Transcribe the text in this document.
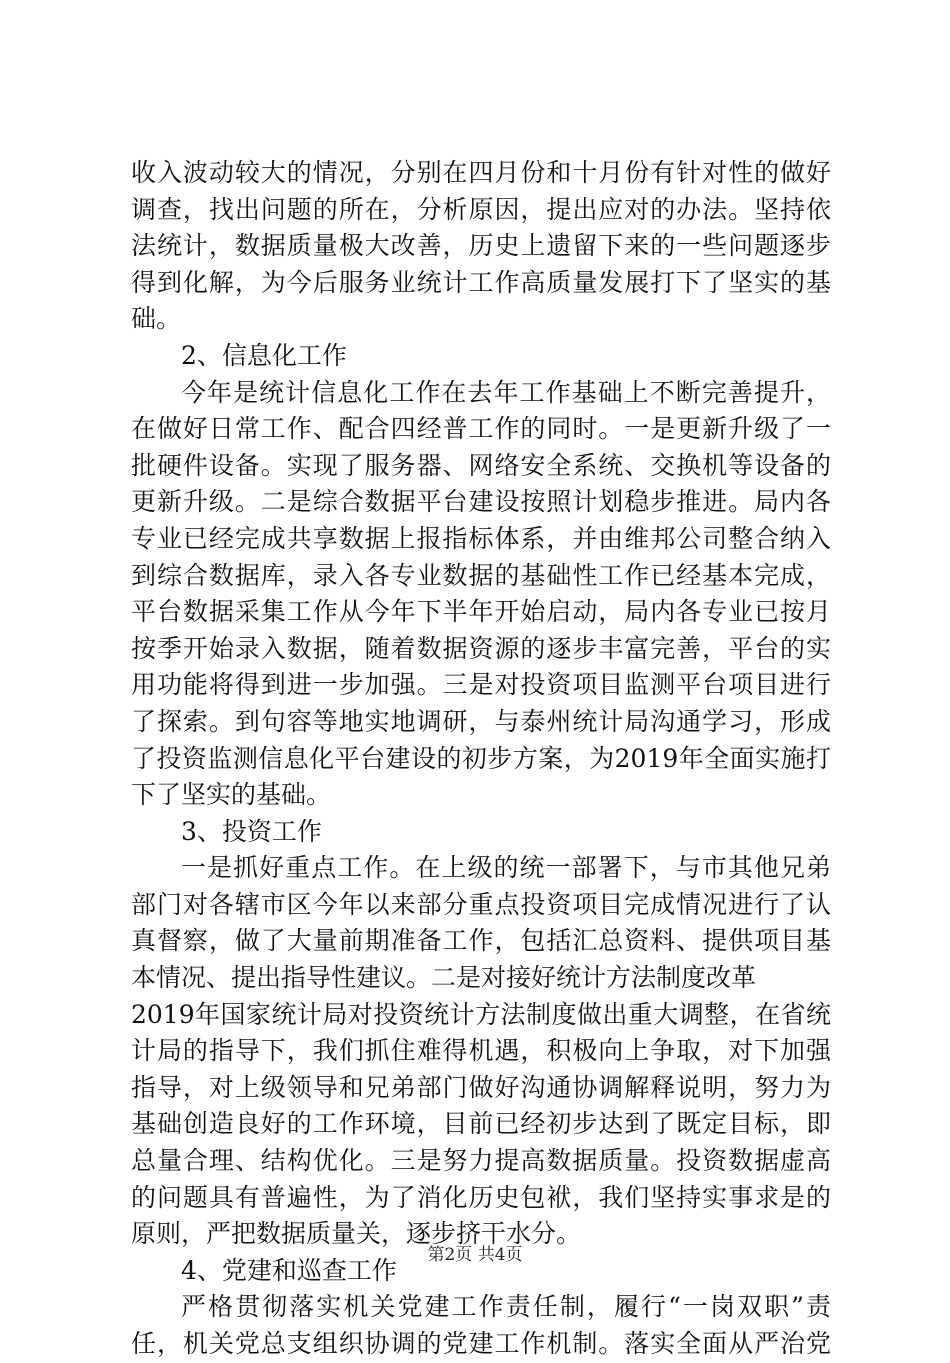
收入波动较大的情况，分别在四月份和十月份有针对性的做好
调查，找出问题的所在，分析原因，提出应对的办法。坚持依
法统计，数据质量极大改善，历史上遗留下来的一些问题逐步
得到化解，为今后服务业统计工作高质量发展打下了坚实的基
础。
2、信息化工作
今年是统计信息化工作在去年工作基础上不断完善提升，
在做好日常工作、配合四经普工作的同时。一是更新升级了一
批硬件设备。实现了服务器、网络安全系统、交换机等设备的
更新升级。二是综合数据平台建设按照计划稳步推进。局内各
专业已经完成共享数据上报指标体系，并由维邦公司整合纳入
到综合数据库，录入各专业数据的基础性工作已经基本完成，
平台数据采集工作从今年下半年开始启动，局内各专业已按月
按季开始录入数据，随着数据资源的逐步丰富完善，平台的实
用功能将得到进一步加强。三是对投资项目监测平台项目进行
了探索。到句容等地实地调研，与泰州统计局沟通学习，形成
了投资监测信息化平台建设的初步方案，为2019年全面实施打
下了坚实的基础。
3、投资工作
一是抓好重点工作。在上级的统一部署下，与市其他兄弟
部门对各辖市区今年以来部分重点投资项目完成情况进行了认
真督察，做了大量前期准备工作，包括汇总资料、提供项目基
本情况、提出指导性建议。二是对接好统计方法制度改革
2019年国家统计局对投资统计方法制度做出重大调整，在省统
计局的指导下，我们抓住难得机遇，积极向上争取，对下加强
指导，对上级领导和兄弟部门做好沟通协调解释说明，努力为
基础创造良好的工作环境，目前已经初步达到了既定目标，即
总量合理、结构优化。三是努力提高数据质量。投资数据虚高
的问题具有普遍性，为了消化历史包袱，我们坚持实事求是的
原则，严把数据质量关，逐步挤干水分。
4、党建和巡查工作
严格贯彻落实机关党建工作责任制，履行“一岗双职”责
任，机关党总支组织协调的党建工作机制。落实全面从严治党
第2页 共4页
